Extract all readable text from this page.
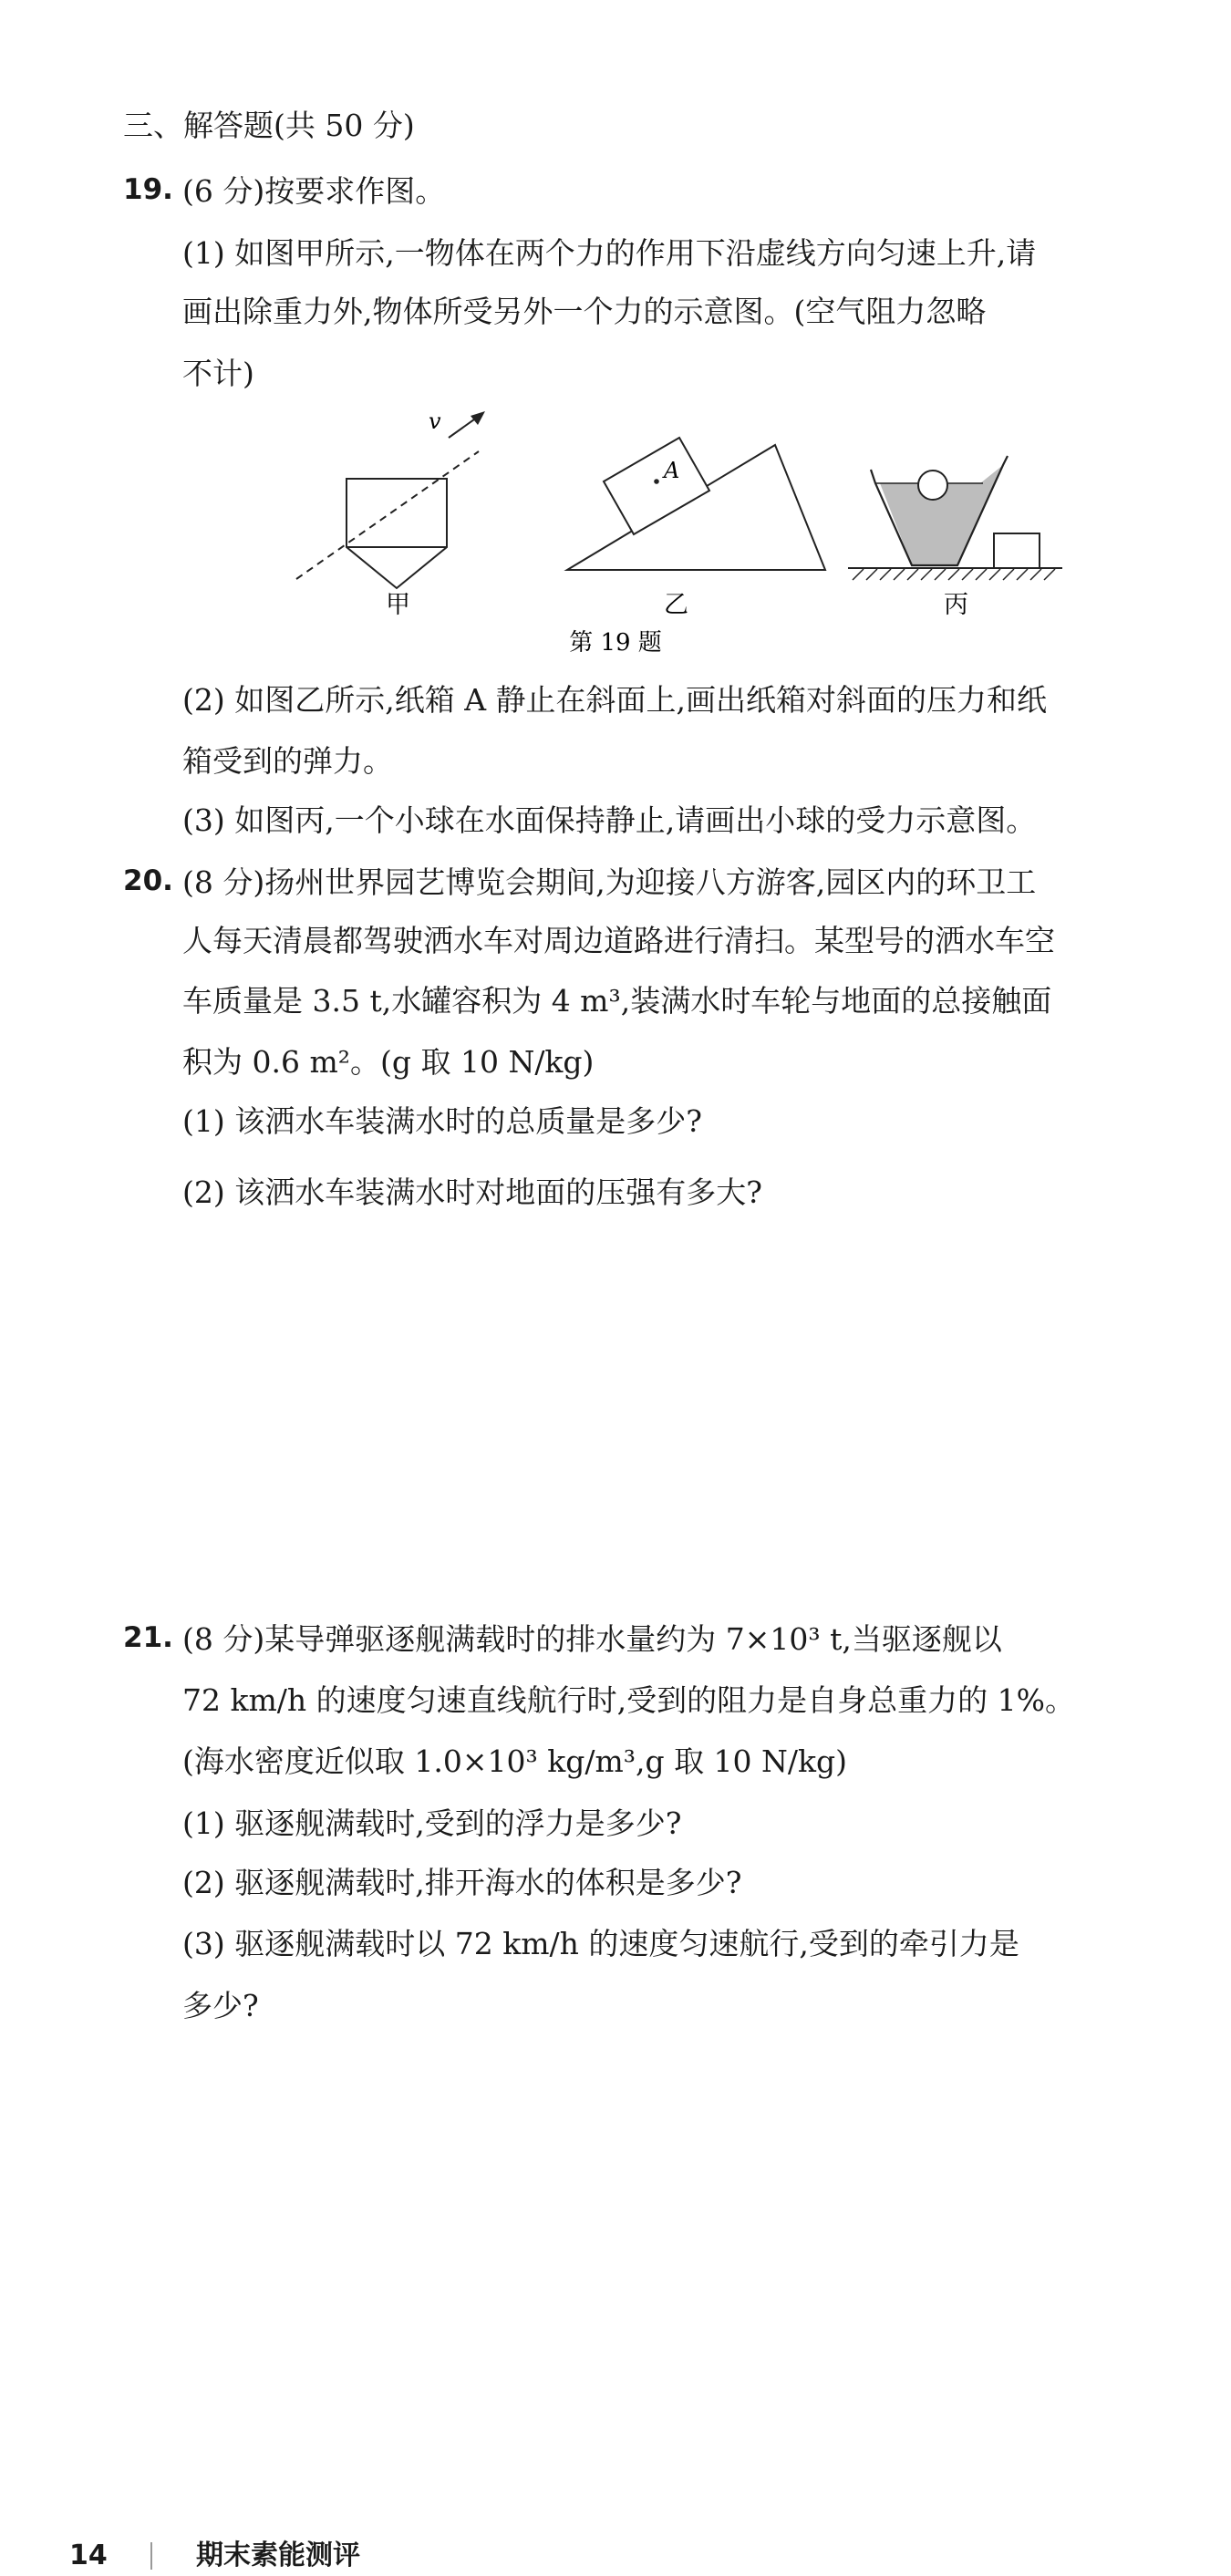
三、解答题(共 50 分)
19. (6 分)按要求作图。
(1) 如图甲所示,一物体在两个力的作用下沿虚线方向匀速上升,请
画出除重力外,物体所受另外一个力的示意图。(空气阻力忽略
不计)
v
甲
A
乙	丙
第 19 题
(2) 如图乙所示,纸箱 A 静止在斜面上,画出纸箱对斜面的压力和纸
箱受到的弹力。
(3) 如图丙,一个小球在水面保持静止,请画出小球的受力示意图。
20. (8 分)扬州世界园艺博览会期间,为迎接八方游客,园区内的环卫工
人每天清晨都驾驶洒水车对周边道路进行清扫。某型号的洒水车空
车质量是 3.5 t,水罐容积为 4 m³,装满水时车轮与地面的总接触面
积为 0.6 m²。(g 取 10 N/kg)
(1) 该洒水车装满水时的总质量是多少?
(2) 该洒水车装满水时对地面的压强有多大?
21. (8 分)某导弹驱逐舰满载时的排水量约为 7×10³ t,当驱逐舰以
72 km/h 的速度匀速直线航行时,受到的阻力是自身总重力的 1%。
(海水密度近似取 1.0×10³ kg/m³,g 取 10 N/kg)
(1) 驱逐舰满载时,受到的浮力是多少?
(2) 驱逐舰满载时,排开海水的体积是多少?
(3) 驱逐舰满载时以 72 km/h 的速度匀速航行,受到的牵引力是
多少?
14	期末素能测评
